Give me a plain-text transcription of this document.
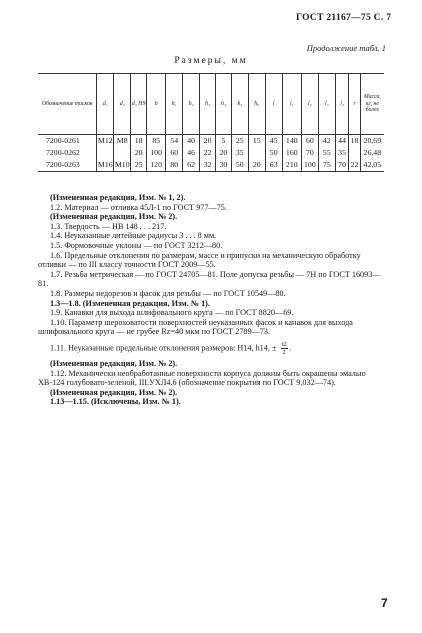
ГОСТ 21167—75 С. 7
Продолжение табл. 1
Размеры, мм
Обозначение тисков	d₁	d₂	d₃ Н9	b	h₁	h₂	h₃	h₄	h₅	h₆	l	l₁	l₂	l₃	l₄	r	Масса, кг, не более
7200-0261	M12	M8	18	85	54	40	20	5	25	15	45	140	60	42	44	18	20,69
7200-0262			20	100	60	46	22	20	35		50	160	70	55	35		26,48
7200-0263	M16	M10	25	120	80	62	32	30	50	20	63	210	100	75	70	22	42,05

(Измененная редакция, Изм. № 1, 2).

1.2. Материал — отливка 45Л-1 по ГОСТ 977—75.

(Измененная редакция, Изм. № 2).

1.3. Твердость — НВ 148 . . . 217.

1.4. Неуказанные литейные радиусы 3 . . . 8 мм.

1.5. Формовочные уклоны — по ГОСТ 3212—80.

1.6. Предельные отклонения по размерам, массе и припуски на механическую обработку отливки — по III классу точности ГОСТ 2009—55.

1.7. Резьба метрическая — по ГОСТ 24705—81. Поле допуска резьбы — 7Н по ГОСТ 16093—81.

1.8. Размеры недорезов и фасок для резьбы — по ГОСТ 10549—80.

1.3—1.8. (Измененная редакция, Изм. № 1).

1.9. Канавки для выхода шлифовального круга — по ГОСТ 8820—69.

1.10. Параметр шероховатости поверхностей неуказанных фасок и канавок для выхода шлифовального круга — не грубее Rz=40 мкм по ГОСТ 2789—73.

1.11. Неуказанные предельные отклонения размеров: Н14, h14, ± $\frac{t2}{2}$ .

(Измененная редакция, Изм. № 2).

1.12. Механически необработанные поверхности корпуса должны быть окрашены эмалью ХВ-124 голубовато-зеленой, III.УХЛ4.6 (обозначение покрытия по ГОСТ 9.032—74).

(Измененная редакция, Изм. № 2).

1.13—1.15. (Исключены, Изм. № 1).

7
